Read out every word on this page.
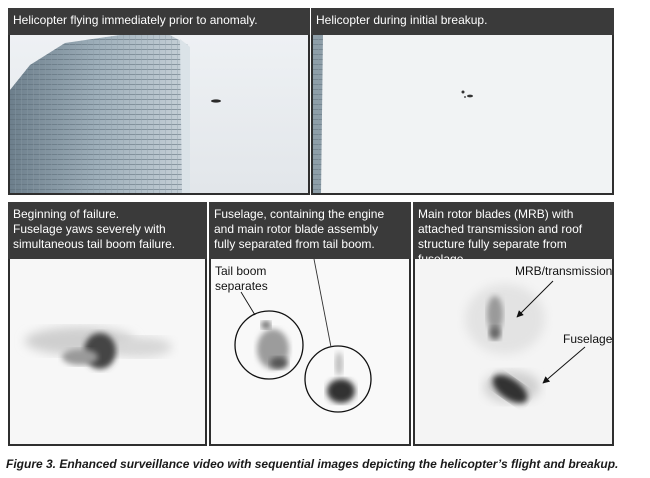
Helicopter flying immediately prior to anomaly.	Helicopter during initial breakup.
Beginning of failure.
Fuselage yaws severely with
simultaneous tail boom failure.
Fuselage, containing the engine
and main rotor blade assembly
fully separated from tail boom.
Tail boom
separates
Main rotor blades (MRB) with
attached transmission and roof
structure fully separate from
MRB/transmission
Fuselage
Figure 3. Enhanced surveillance video with sequential images depicting the helicopter’s flight and breakup.
